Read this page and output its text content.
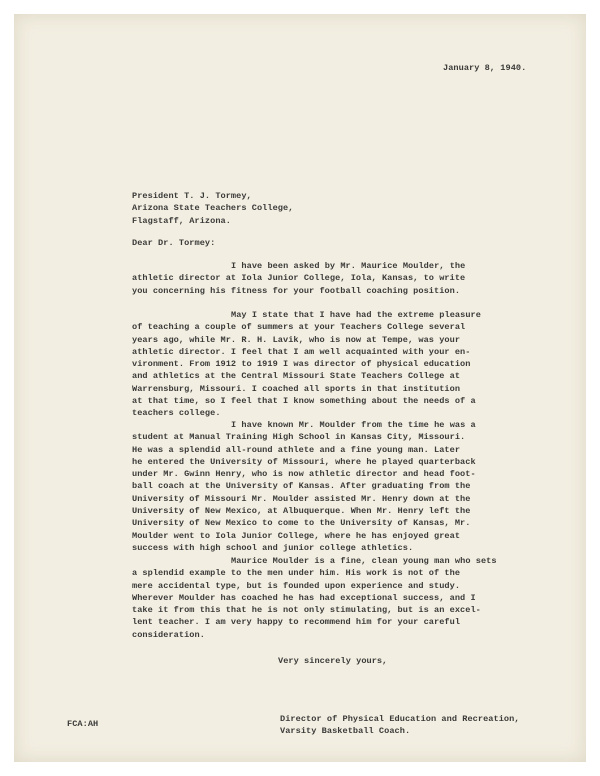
January 8, 1940.
President T. J. Tormey,
Arizona State Teachers College,
Flagstaff, Arizona.
Dear Dr. Tormey:
I have been asked by Mr. Maurice Moulder, the
athletic director at Iola Junior College, Iola, Kansas, to write
you concerning his fitness for your football coaching position.
May I state that I have had the extreme pleasure
of teaching a couple of summers at your Teachers College several
years ago, while Mr. R. H. Lavik, who is now at Tempe, was your
athletic director. I feel that I am well acquainted with your en-
vironment. From 1912 to 1919 I was director of physical education
and athletics at the Central Missouri State Teachers College at
Warrensburg, Missouri. I coached all sports in that institution
at that time, so I feel that I know something about the needs of a
teachers college.
I have known Mr. Moulder from the time he was a
student at Manual Training High School in Kansas City, Missouri.
He was a splendid all-round athlete and a fine young man. Later
he entered the University of Missouri, where he played quarterback
under Mr. Gwinn Henry, who is now athletic director and head foot-
ball coach at the University of Kansas. After graduating from the
University of Missouri Mr. Moulder assisted Mr. Henry down at the
University of New Mexico, at Albuquerque. When Mr. Henry left the
University of New Mexico to come to the University of Kansas, Mr.
Moulder went to Iola Junior College, where he has enjoyed great
success with high school and junior college athletics.
Maurice Moulder is a fine, clean young man who sets
a splendid example to the men under him. His work is not of the
mere accidental type, but is founded upon experience and study.
Wherever Moulder has coached he has had exceptional success, and I
take it from this that he is not only stimulating, but is an excel-
lent teacher. I am very happy to recommend him for your careful
consideration.
Very sincerely yours,
FCA:AH	Director of Physical Education and Recreation,
Varsity Basketball Coach.
